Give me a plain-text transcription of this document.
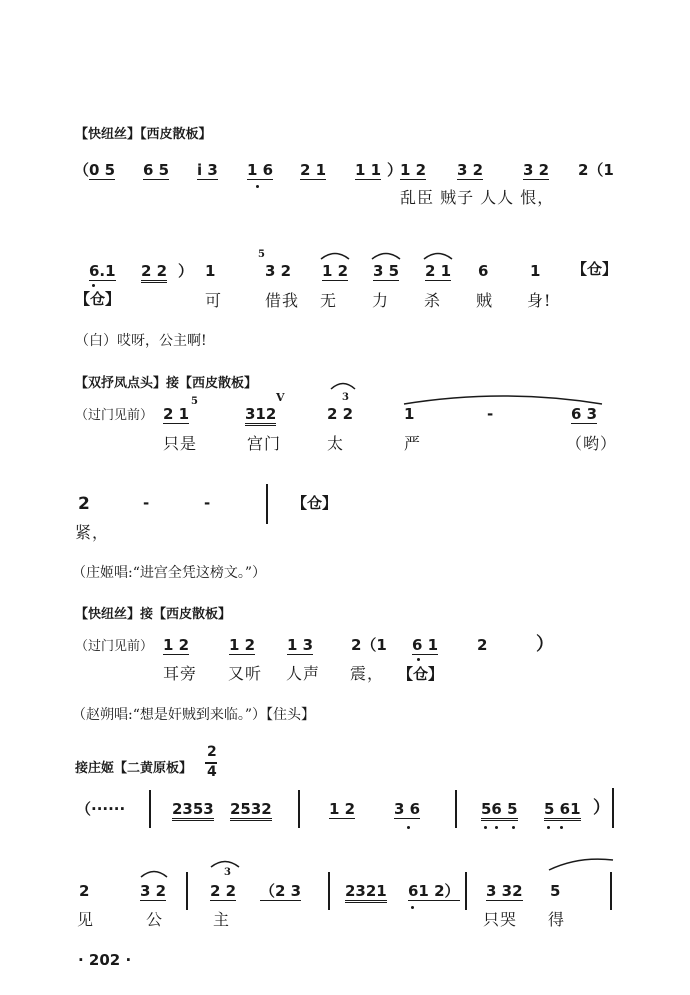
【快纽丝】【西皮散板】
（ 0 5 6 5 i 3 1 6 2 1 1 1 ）
1 2 3 2	3 2 2（1
乱臣 贼子 人人 恨，
6.1 2 2 ） 1
5
3 2 1 2 3 5 2 1 6	1 【仓】
【仓】	可	借我 无 力 杀 贼 身!
（白）哎呀，公主啊!
【双抒凤点头】接【西皮散板】
（过门见前） 2 1
5
312
V
2 2
3
1	-	6 3
只是	宫门	太	严	（哟）
2	-	-	【仓】
紧，
（庄姬唱:“进宫全凭这榜文。”）
【快纽丝】接【西皮散板】
（过门见前） 1 2	1 2 1 3	2（1 6 1	2	）
耳旁 又听 人声 震， 【仓】
（赵朔唱:“想是奸贼到来临。”）【住头】
接庄姬【二黄原板】
2
4
（······	2353 2532	1 2	3 6	56 5 5 61 ）
2	3 2	2 2
3
（2 3	2321 61 2） 3 32 5
见	公	主	只哭 得
· 202 ·
